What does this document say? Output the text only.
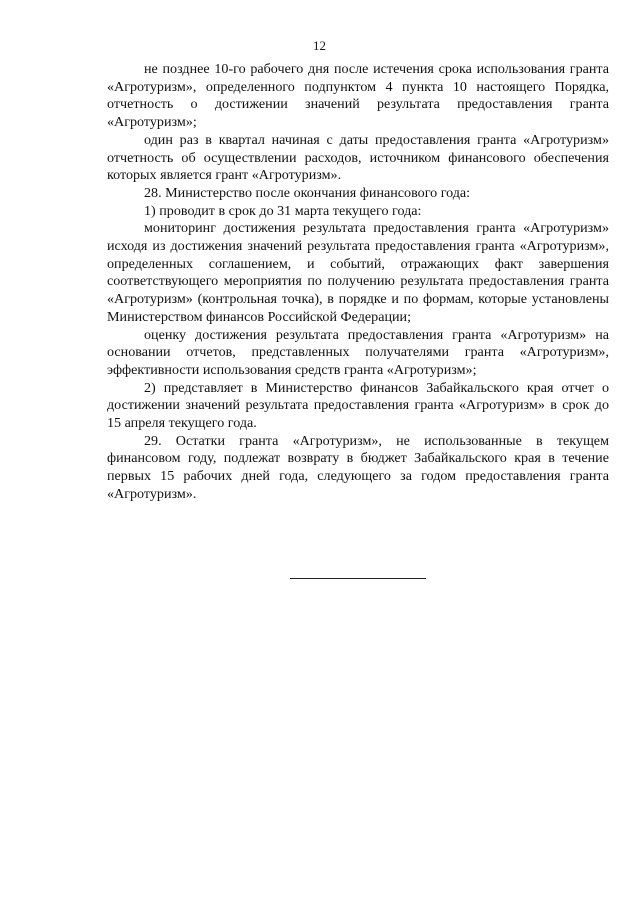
12

не позднее 10-го рабочего дня после истечения срока использования гранта «Агротуризм», определенного подпунктом 4 пункта 10 настоящего Порядка, отчетность о достижении значений результата предоставления гранта «Агротуризм»;

один раз в квартал начиная с даты предоставления гранта «Агротуризм» отчетность об осуществлении расходов, источником финансового обеспечения которых является грант «Агротуризм».

28. Министерство после окончания финансового года:

1) проводит в срок до 31 марта текущего года:

мониторинг достижения результата предоставления гранта «Агротуризм» исходя из достижения значений результата предоставления гранта «Агротуризм», определенных соглашением, и событий, отражающих факт завершения соответствующего мероприятия по получению результата предоставления гранта «Агротуризм» (контрольная точка), в порядке и по формам, которые установлены Министерством финансов Российской Федерации;

оценку достижения результата предоставления гранта «Агротуризм» на основании отчетов, представленных получателями гранта «Агротуризм», эффективности использования средств гранта «Агротуризм»;

2) представляет в Министерство финансов Забайкальского края отчет о достижении значений результата предоставления гранта «Агротуризм» в срок до 15 апреля текущего года.

29. Остатки гранта «Агротуризм», не использованные в текущем финансовом году, подлежат возврату в бюджет Забайкальского края в течение первых 15 рабочих дней года, следующего за годом предоставления гранта «Агротуризм».
